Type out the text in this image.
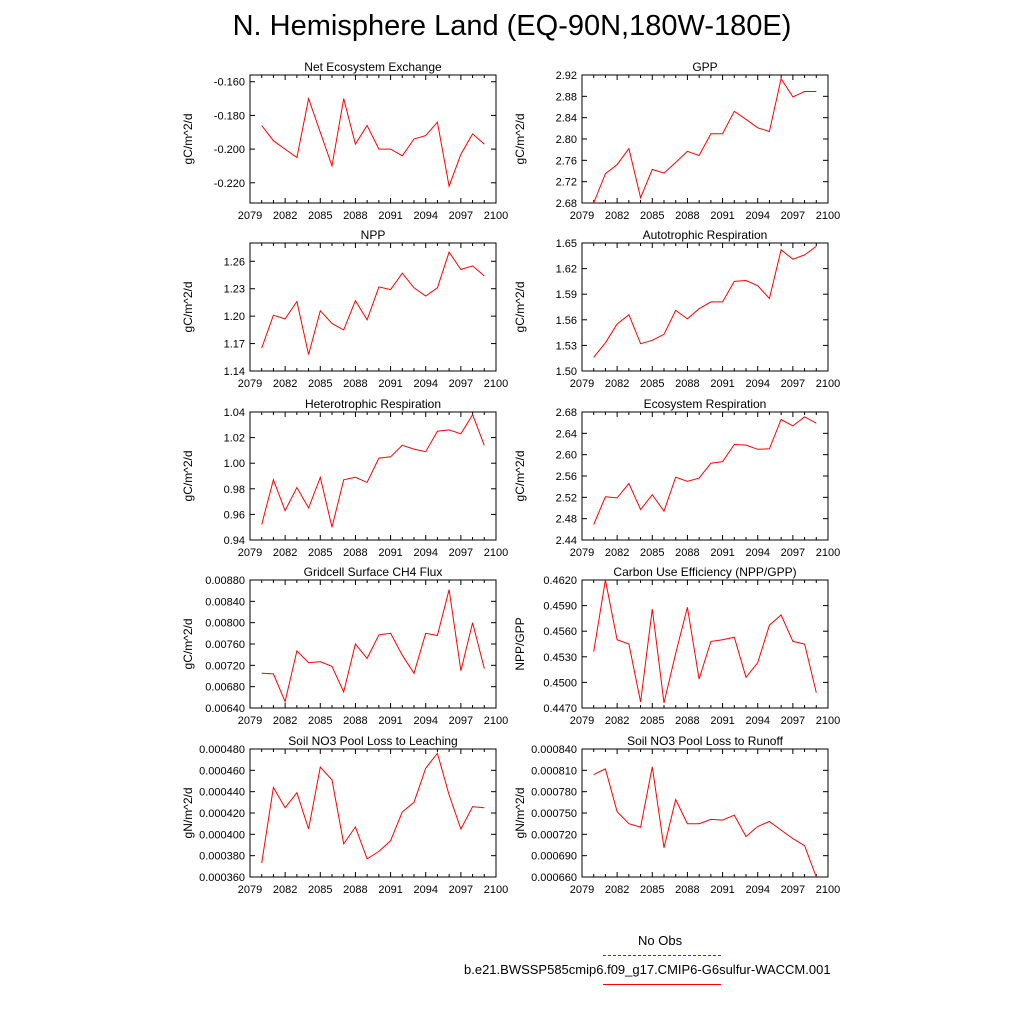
N. Hemisphere Land (EQ-90N,180W-180E)
Net Ecosystem Exchange
gC/m^2/d
2079 2082 2085 2088 2091 2094 2097 2100
-0.160
-0.180
-0.200
-0.220
GPP
gC/m^2/d
2079 2082 2085 2088 2091 2094 2097 2100
2.68
2.72
2.76
2.80
2.84
2.88
2.92
NPP
gC/m^2/d
2079 2082 2085 2088 2091 2094 2097 2100
1.14
1.17
1.20
1.23
1.26
Autotrophic Respiration
gC/m^2/d
2079 2082 2085 2088 2091 2094 2097 2100
1.50
1.53
1.56
1.59
1.62
1.65
Heterotrophic Respiration
gC/m^2/d
2079 2082 2085 2088 2091 2094 2097 2100
0.94
0.96
0.98
1.00
1.02
1.04
Ecosystem Respiration
gC/m^2/d
2079 2082 2085 2088 2091 2094 2097 2100
2.44
2.48
2.52
2.56
2.60
2.64
2.68
Gridcell Surface CH4 Flux
gC/m^2/d
2079 2082 2085 2088 2091 2094 2097 2100
0.00640
0.00680
0.00720
0.00760
0.00800
0.00840
0.00880
Carbon Use Efficiency (NPP/GPP)
NPP/GPP
2079 2082 2085 2088 2091 2094 2097 2100
0.4470
0.4500
0.4530
0.4560
0.4590
0.4620
Soil NO3 Pool Loss to Leaching
gN/m^2/d
2079 2082 2085 2088 2091 2094 2097 2100
0.000360
0.000380
0.000400
0.000420
0.000440
0.000460
0.000480
Soil NO3 Pool Loss to Runoff
gN/m^2/d
2079 2082 2085 2088 2091 2094 2097 2100
0.000660
0.000690
0.000720
0.000750
0.000780
0.000810
0.000840
No Obs
b.e21.BWSSP585cmip6.f09_g17.CMIP6-G6sulfur-WACCM.001
